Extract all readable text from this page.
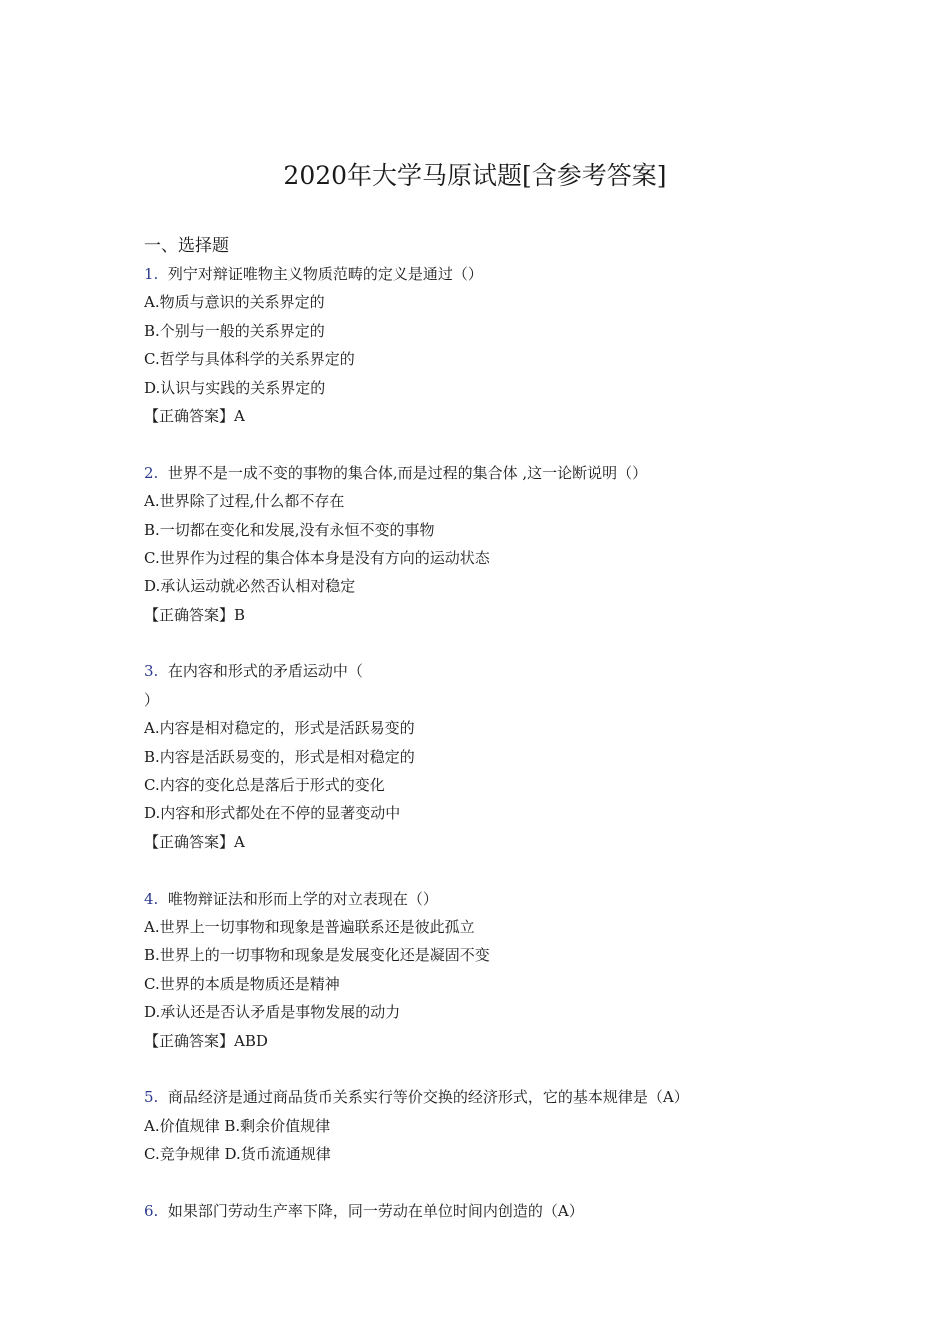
2020年大学马原试题[含参考答案]
一、选择题
1. 列宁对辩证唯物主义物质范畴的定义是通过（）
A.物质与意识的关系界定的
B.个别与一般的关系界定的
C.哲学与具体科学的关系界定的
D.认识与实践的关系界定的
【正确答案】A
2. 世界不是一成不变的事物的集合体,而是过程的集合体 ,这一论断说明（）
A.世界除了过程,什么都不存在
B.一切都在变化和发展,没有永恒不变的事物
C.世界作为过程的集合体本身是没有方向的运动状态
D.承认运动就必然否认相对稳定
【正确答案】B
3. 在内容和形式的矛盾运动中（
）
A.内容是相对稳定的，形式是活跃易变的
B.内容是活跃易变的，形式是相对稳定的
C.内容的变化总是落后于形式的变化
D.内容和形式都处在不停的显著变动中
【正确答案】A
4. 唯物辩证法和形而上学的对立表现在（）
A.世界上一切事物和现象是普遍联系还是彼此孤立
B.世界上的一切事物和现象是发展变化还是凝固不变
C.世界的本质是物质还是精神
D.承认还是否认矛盾是事物发展的动力
【正确答案】ABD
5. 商品经济是通过商品货币关系实行等价交换的经济形式，它的基本规律是（A）
A.价值规律 B.剩余价值规律
C.竞争规律 D.货币流通规律
6. 如果部门劳动生产率下降，同一劳动在单位时间内创造的（A）
